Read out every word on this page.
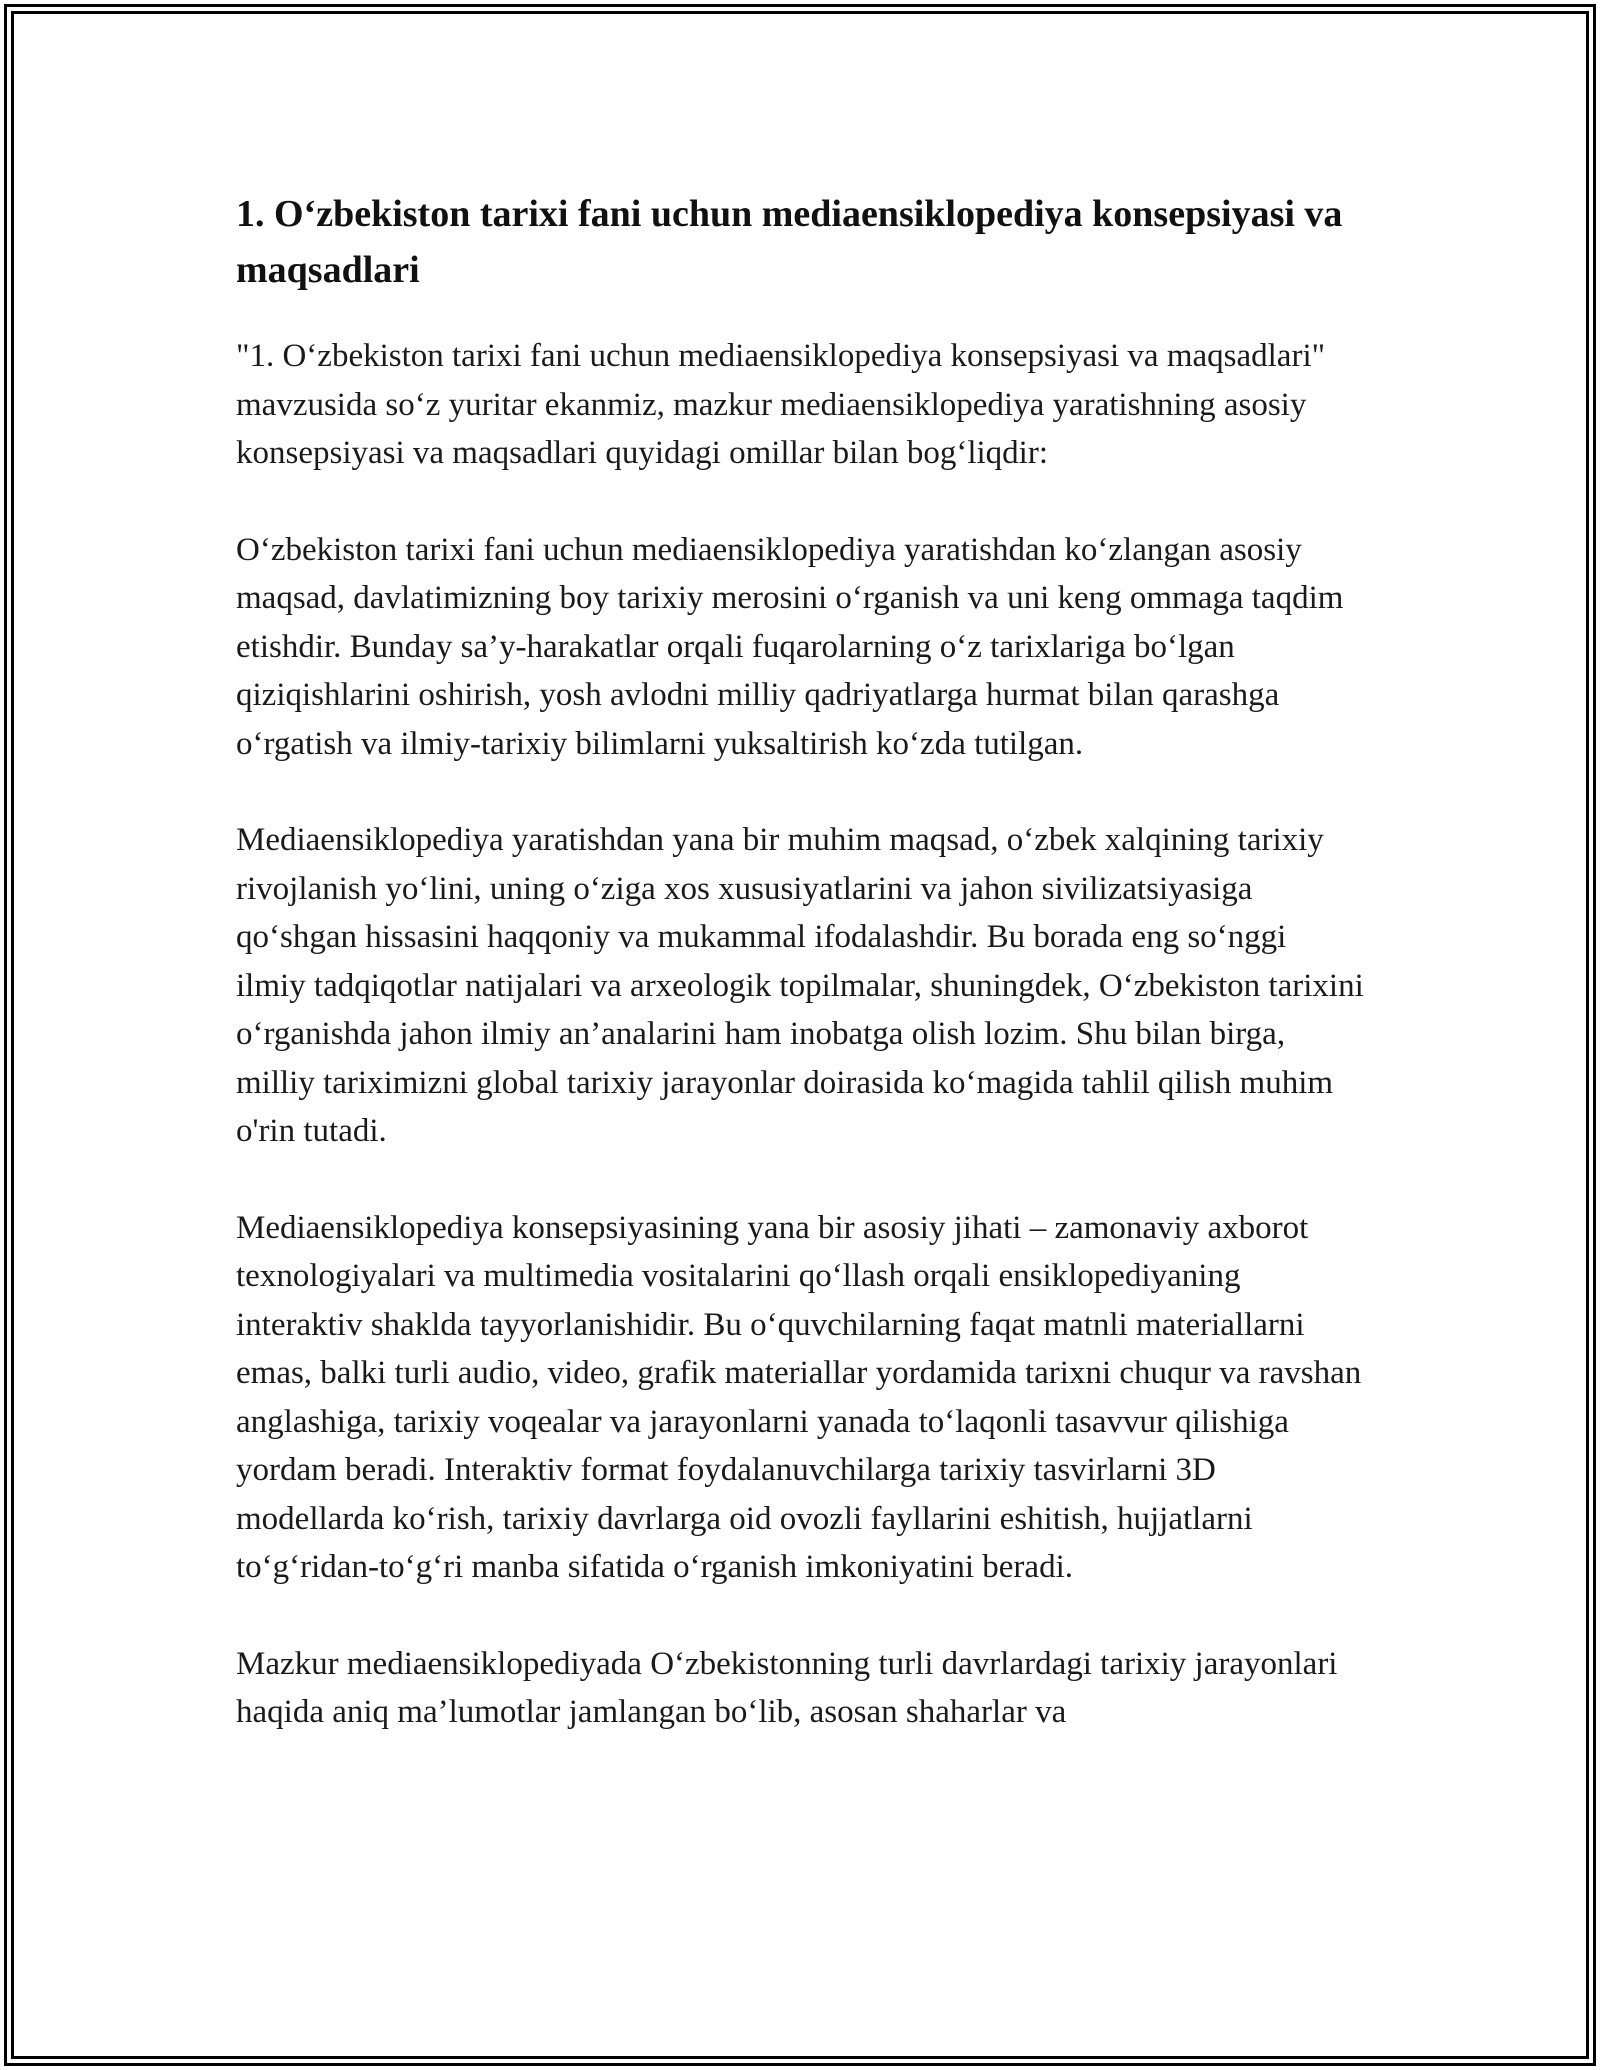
1. O‘zbekiston tarixi fani uchun mediaensiklopediya konsepsiyasi va maqsadlari

"1. O‘zbekiston tarixi fani uchun mediaensiklopediya konsepsiyasi va maqsadlari" mavzusida so‘z yuritar ekanmiz, mazkur mediaensiklopediya yaratishning asosiy konsepsiyasi va maqsadlari quyidagi omillar bilan bog‘liqdir:

O‘zbekiston tarixi fani uchun mediaensiklopediya yaratishdan ko‘zlangan asosiy maqsad, davlatimizning boy tarixiy merosini o‘rganish va uni keng ommaga taqdim etishdir. Bunday sa’y-harakatlar orqali fuqarolarning o‘z tarixlariga bo‘lgan qiziqishlarini oshirish, yosh avlodni milliy qadriyatlarga hurmat bilan qarashga o‘rgatish va ilmiy-tarixiy bilimlarni yuksaltirish ko‘zda tutilgan.

Mediaensiklopediya yaratishdan yana bir muhim maqsad, o‘zbek xalqining tarixiy rivojlanish yo‘lini, uning o‘ziga xos xususiyatlarini va jahon sivilizatsiyasiga qo‘shgan hissasini haqqoniy va mukammal ifodalashdir. Bu borada eng so‘nggi ilmiy tadqiqotlar natijalari va arxeologik topilmalar, shuningdek, O‘zbekiston tarixini o‘rganishda jahon ilmiy an’analarini ham inobatga olish lozim. Shu bilan birga, milliy tariximizni global tarixiy jarayonlar doirasida ko‘magida tahlil qilish muhim o'rin tutadi.

Mediaensiklopediya konsepsiyasining yana bir asosiy jihati – zamonaviy axborot texnologiyalari va multimedia vositalarini qo‘llash orqali ensiklopediyaning interaktiv shaklda tayyorlanishidir. Bu o‘quvchilarning faqat matnli materiallarni emas, balki turli audio, video, grafik materiallar yordamida tarixni chuqur va ravshan anglashiga, tarixiy voqealar va jarayonlarni yanada to‘laqonli tasavvur qilishiga yordam beradi. Interaktiv format foydalanuvchilarga tarixiy tasvirlarni 3D modellarda ko‘rish, tarixiy davrlarga oid ovozli fayllarini eshitish, hujjatlarni to‘g‘ridan-to‘g‘ri manba sifatida o‘rganish imkoniyatini beradi.

Mazkur mediaensiklopediyada O‘zbekistonning turli davrlardagi tarixiy jarayonlari haqida aniq ma’lumotlar jamlangan bo‘lib, asosan shaharlar va
